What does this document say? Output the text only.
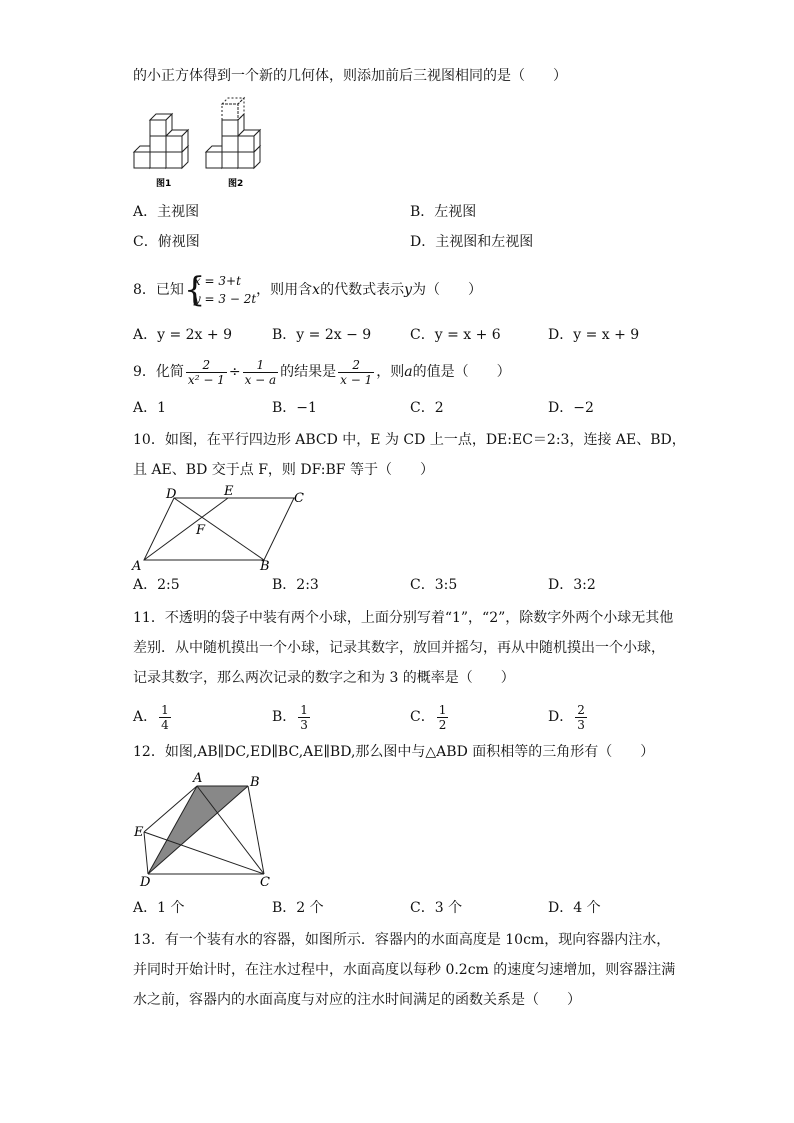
的小正方体得到一个新的几何体，则添加前后三视图相同的是（　　）
图1	图2
A．主视图	B．左视图
C．俯视图	D．主视图和左视图
8．已知 {
x = 3+t
y = 3 − 2t
，则用含x的代数式表示y为（　　）
A．y = 2x + 9	B．y = 2x − 9	C．y = x + 6	D．y = x + 9
9．化简 $\frac{2}{\text{x² − 1}} \div \frac{1}{x - a}$ 的结果是 $\frac{2}{x - 1}$ ，则a的值是（　　）
A．1	B．−1	C．2	D．−2
10．如图，在平行四边形 ABCD 中，E 为 CD 上一点，DE:EC＝2:3，连接 AE、BD，
且 AE、BD 交于点 F，则 DF:BF 等于（　　）
D	E	C
F
A	B
A．2:5	B．2:3	C．3:5	D．3:2
11．不透明的袋子中装有两个小球，上面分别写着“1”，“2”，除数字外两个小球无其他
差别．从中随机摸出一个小球，记录其数字，放回并摇匀，再从中随机摸出一个小球，
记录其数字，那么两次记录的数字之和为 3 的概率是（　　）
A． $\frac{1}{4}$	B． $\frac{1}{3}$	C． $\frac{1}{2}$	D． $\frac{2}{3}$
12．如图,AB∥DC,ED∥BC,AE∥BD,那么图中与△ABD 面积相等的三角形有（　　）
A	B
E
D	C
A．1 个	B．2 个	C．3 个	D．4 个
13．有一个装有水的容器，如图所示．容器内的水面高度是 10cm，现向容器内注水，
并同时开始计时，在注水过程中，水面高度以每秒 0.2cm 的速度匀速增加，则容器注满
水之前，容器内的水面高度与对应的注水时间满足的函数关系是（　　）
